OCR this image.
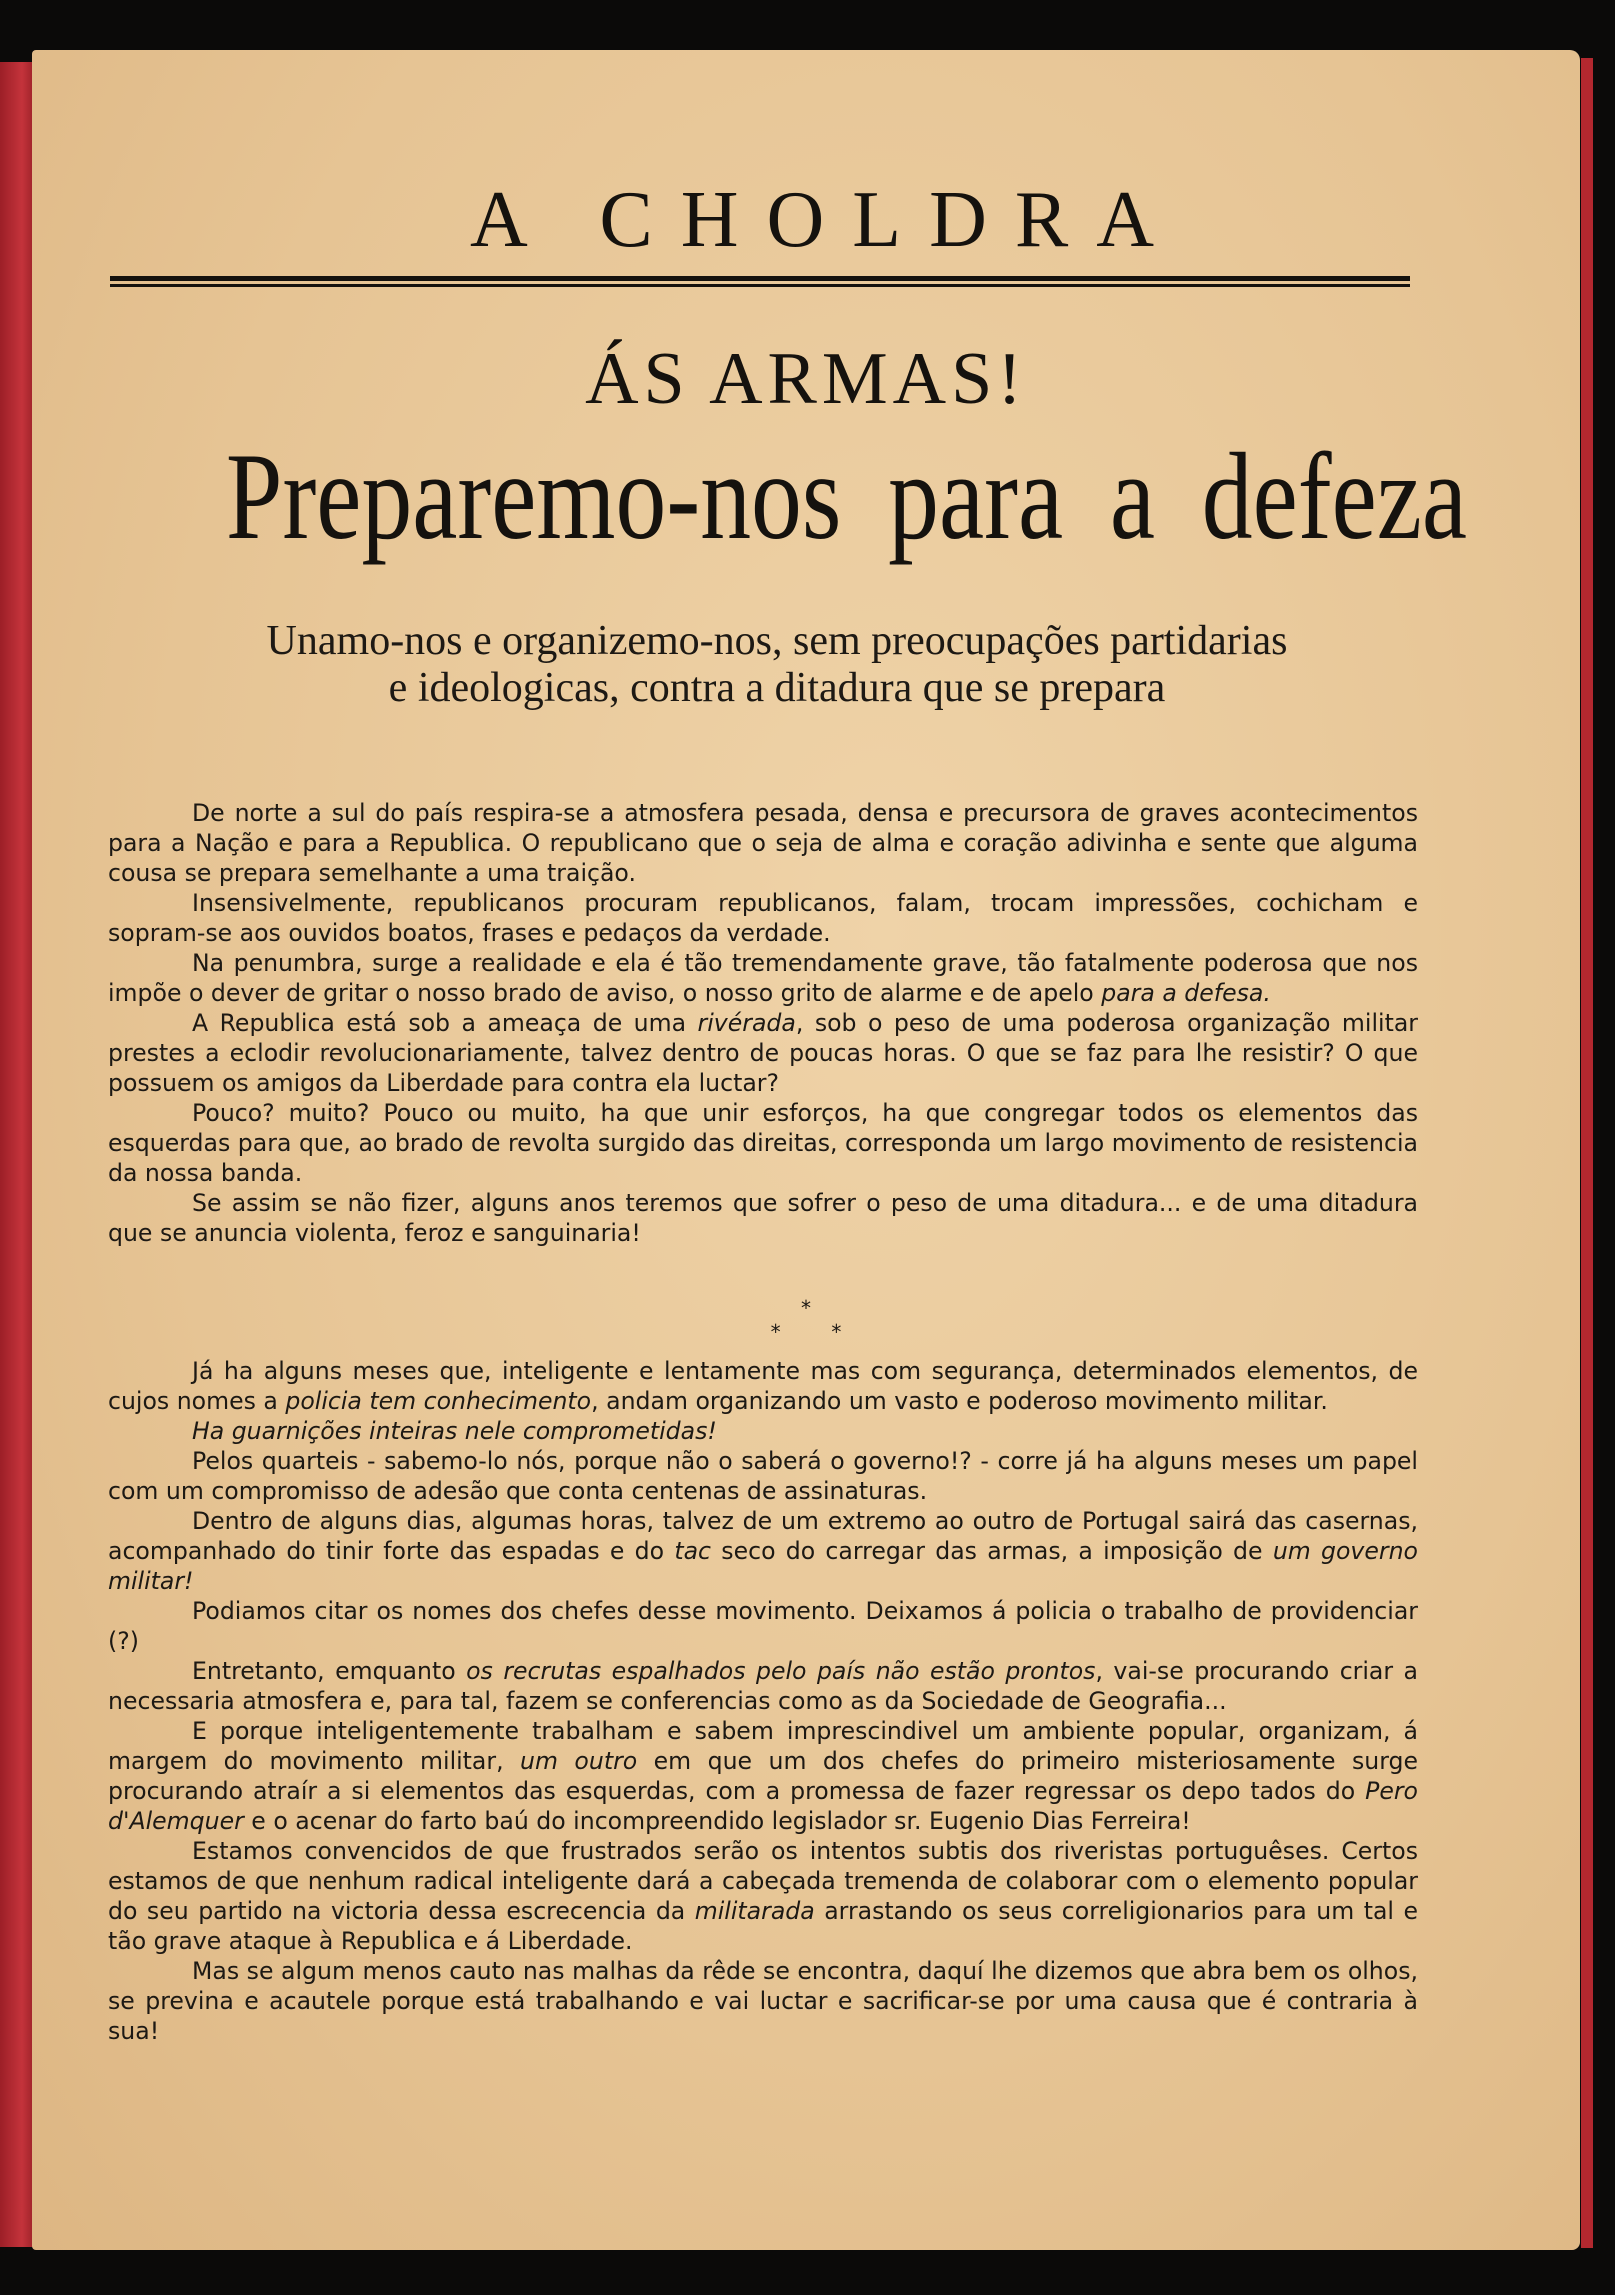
A CHOLDRA
ÁS ARMAS!
Preparemo-nos para a defeza
Unamo-nos e organizemo-nos, sem preocupações partidarias e ideologicas, contra a ditadura que se prepara

De norte a sul do país respira-se a atmosfera pesada, densa e precursora de graves acontecimentos para a Nação e para a Republica. O republicano que o seja de alma e coração adivinha e sente que alguma cousa se prepara semelhante a uma traição.

Insensivelmente, republicanos procuram republicanos, falam, trocam impressões, cochicham e sopram-se aos ouvidos boatos, frases e pedaços da verdade.

Na penumbra, surge a realidade e ela é tão tremendamente grave, tão fatalmente poderosa que nos impõe o dever de gritar o nosso brado de aviso, o nosso grito de alarme e de apelo para a defesa.

A Republica está sob a ameaça de uma rivérada, sob o peso de uma poderosa organização militar prestes a eclodir revolucionariamente, talvez dentro de poucas horas. O que se faz para lhe resistir? O que possuem os amigos da Liberdade para contra ela luctar?

Pouco? muito? Pouco ou muito, ha que unir esforços, ha que congregar todos os elementos das esquerdas para que, ao brado de revolta surgido das direitas, corresponda um largo movimento de resistencia da nossa banda.

Se assim se não fizer, alguns anos teremos que sofrer o peso de uma ditadura... e de uma ditadura que se anuncia violenta, feroz e sanguinaria!

*
*        *

Já ha alguns meses que, inteligente e lentamente mas com segurança, determinados elementos, de cujos nomes a policia tem conhecimento, andam organizando um vasto e poderoso movimento militar.

Ha guarnições inteiras nele comprometidas!

Pelos quarteis - sabemo-lo nós, porque não o saberá o governo!? - corre já ha alguns meses um papel com um compromisso de adesão que conta centenas de assinaturas.

Dentro de alguns dias, algumas horas, talvez de um extremo ao outro de Portugal sairá das casernas, acompanhado do tinir forte das espadas e do tac seco do carregar das armas, a imposição de um governo militar!

Podiamos citar os nomes dos chefes desse movimento. Deixamos á policia o trabalho de providenciar (?)

Entretanto, emquanto os recrutas espalhados pelo país não estão prontos, vai-se procurando criar a necessaria atmosfera e, para tal, fazem se conferencias como as da Sociedade de Geografia...

E porque inteligentemente trabalham e sabem imprescindivel um ambiente popular, organizam, á margem do movimento militar, um outro em que um dos chefes do primeiro misteriosamente surge procurando atraír a si elementos das esquerdas, com a promessa de fazer regressar os depo tados do Pero d'Alemquer e o acenar do farto baú do incompreendido legislador sr. Eugenio Dias Ferreira!

Estamos convencidos de que frustrados serão os intentos subtis dos riveristas portuguêses. Certos estamos de que nenhum radical inteligente dará a cabeçada tremenda de colaborar com o elemento popular do seu partido na victoria dessa escrecencia da militarada arrastando os seus correligionarios para um tal e tão grave ataque à Republica e á Liberdade.

Mas se algum menos cauto nas malhas da rêde se encontra, daquí lhe dizemos que abra bem os olhos, se previna e acautele porque está trabalhando e vai luctar e sacrificar-se por uma causa que é contraria à sua!
